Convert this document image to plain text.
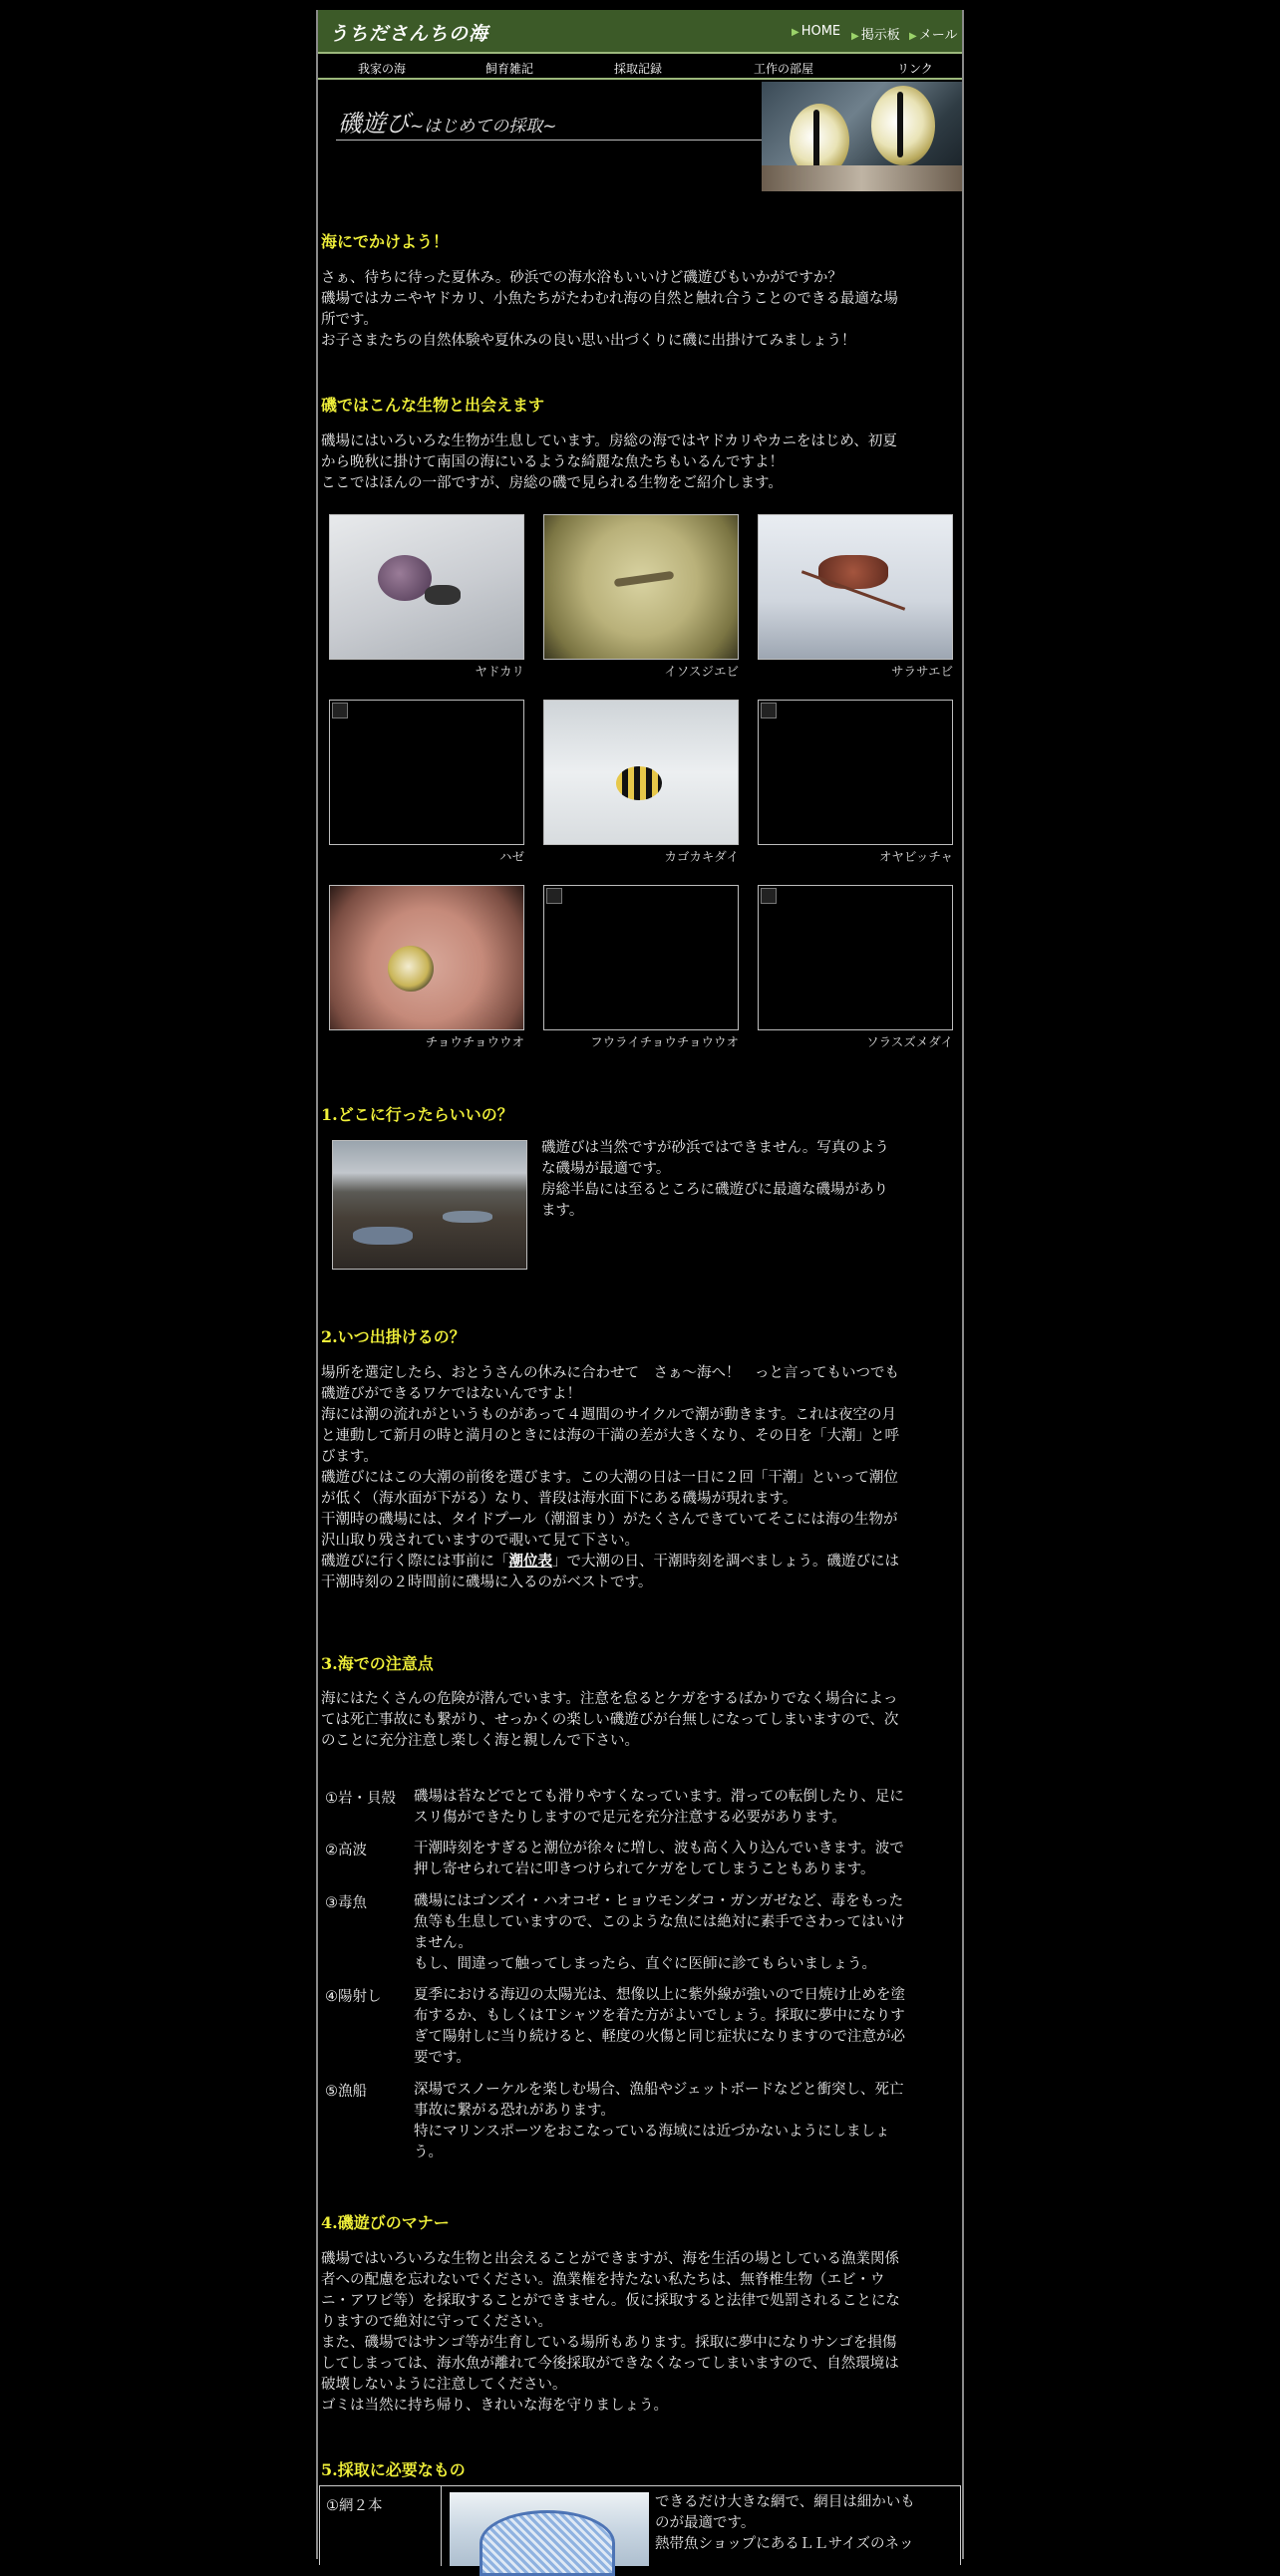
うちださんちの海	▶ HOME ▶ 掲示板 ▶ メール
我家の海	飼育雑記	採取記録	工作の部屋	リンク
磯遊び~はじめての採取~
海にでかけよう！
さぁ、待ちに待った夏休み。砂浜での海水浴もいいけど磯遊びもいかがですか？
磯場ではカニやヤドカリ、小魚たちがたわむれ海の自然と触れ合うことのできる最適な場
所です。
お子さまたちの自然体験や夏休みの良い思い出づくりに磯に出掛けてみましょう！
磯ではこんな生物と出会えます
磯場にはいろいろな生物が生息しています。房総の海ではヤドカリやカニをはじめ、初夏
から晩秋に掛けて南国の海にいるような綺麗な魚たちもいるんですよ！
ここではほんの一部ですが、房総の磯で見られる生物をご紹介します。
ヤドカリ	イソスジエビ	サラサエビ
ハゼ	カゴカキダイ	オヤビッチャ
チョウチョウウオ	フウライチョウチョウウオ	ソラスズメダイ
1.どこに行ったらいいの？
磯遊びは当然ですが砂浜ではできません。写真のよう
な磯場が最適です。
房総半島には至るところに磯遊びに最適な磯場があり
ます。
2.いつ出掛けるの？
場所を選定したら、おとうさんの休みに合わせて　さぁ～海へ！　っと言ってもいつでも
磯遊びができるワケではないんですよ！
海には潮の流れがというものがあって４週間のサイクルで潮が動きます。これは夜空の月
と連動して新月の時と満月のときには海の干満の差が大きくなり、その日を「大潮」と呼
びます。
磯遊びにはこの大潮の前後を選びます。この大潮の日は一日に２回「干潮」といって潮位
が低く（海水面が下がる）なり、普段は海水面下にある磯場が現れます。
干潮時の磯場には、タイドプール（潮溜まり）がたくさんできていてそこには海の生物が
沢山取り残されていますので覗いて見て下さい。
磯遊びに行く際には事前に「潮位表」で大潮の日、干潮時刻を調べましょう。磯遊びには
干潮時刻の２時間前に磯場に入るのがベストです。
3.海での注意点
海にはたくさんの危険が潜んでいます。注意を怠るとケガをするばかりでなく場合によっ
ては死亡事故にも繋がり、せっかくの楽しい磯遊びが台無しになってしまいますので、次
のことに充分注意し楽しく海と親しんで下さい。
①岩・貝殻 磯場は苔などでとても滑りやすくなっています。滑っての転倒したり、足に
スリ傷ができたりしますので足元を充分注意する必要があります。
②高波	干潮時刻をすぎると潮位が徐々に増し、波も高く入り込んでいきます。波で
押し寄せられて岩に叩きつけられてケガをしてしまうこともあります。
③毒魚	磯場にはゴンズイ・ハオコゼ・ヒョウモンダコ・ガンガゼなど、毒をもった
魚等も生息していますので、このような魚には絶対に素手でさわってはいけ
ません。
もし、間違って触ってしまったら、直ぐに医師に診てもらいましょう。
④陽射し 夏季における海辺の太陽光は、想像以上に紫外線が強いので日焼け止めを塗
布するか、もしくはＴシャツを着た方がよいでしょう。採取に夢中になりす
ぎて陽射しに当り続けると、軽度の火傷と同じ症状になりますので注意が必
要です。
⑤漁船	深場でスノーケルを楽しむ場合、漁船やジェットボードなどと衝突し、死亡
事故に繋がる恐れがあります。
特にマリンスポーツをおこなっている海域には近づかないようにしましょ
う。
4.磯遊びのマナー
磯場ではいろいろな生物と出会えることができますが、海を生活の場としている漁業関係
者への配慮を忘れないでください。漁業権を持たない私たちは、無脊椎生物（エビ・ウ
ニ・アワビ等）を採取することができません。仮に採取すると法律で処罰されることにな
りますので絶対に守ってください。
また、磯場ではサンゴ等が生育している場所もあります。採取に夢中になりサンゴを損傷
してしまっては、海水魚が離れて今後採取ができなくなってしまいますので、自然環境は
破壊しないように注意してください。
ゴミは当然に持ち帰り、きれいな海を守りましょう。
5.採取に必要なもの
①網２本	できるだけ大きな網で、網目は細かいも
のが最適です。
熱帯魚ショップにあるＬＬサイズのネッ
